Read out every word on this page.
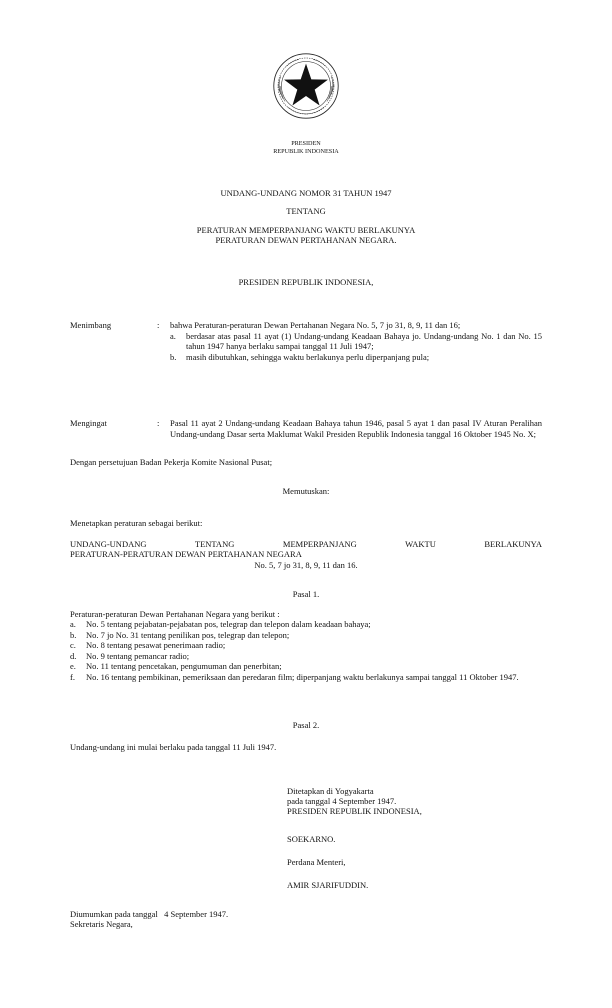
PRESIDEN
REPUBLIK INDONESIA
UNDANG-UNDANG NOMOR 31 TAHUN 1947
TENTANG
PERATURAN MEMPERPANJANG WAKTU BERLAKUNYA
PERATURAN DEWAN PERTAHANAN NEGARA.
PRESIDEN REPUBLIK INDONESIA,
Menimbang	: bahwa Peraturan-peraturan Dewan Pertahanan Negara No. 5, 7 jo 31, 8, 9, 11 dan 16;
a.	berdasar atas pasal 11 ayat (1) Undang-undang Keadaan Bahaya jo. Undang-undang No. 1 dan No. 15 tahun 1947 hanya berlaku sampai tanggal 11 Juli 1947;
b.	masih dibutuhkan, sehingga waktu berlakunya perlu diperpanjang pula;
Mengingat	: Pasal 11 ayat 2 Undang-undang Keadaan Bahaya tahun 1946, pasal 5 ayat 1 dan pasal IV Aturan Peralihan Undang-undang Dasar serta Maklumat Wakil Presiden Republik Indonesia tanggal 16 Oktober 1945 No. X;
Dengan persetujuan Badan Pekerja Komite Nasional Pusat;
Memutuskan:
Menetapkan peraturan sebagai berikut:
UNDANG-UNDANG TENTANG MEMPERPANJANG WAKTU BERLAKUNYA
PERATURAN-PERATURAN DEWAN PERTAHANAN NEGARA
No. 5, 7 jo 31, 8, 9, 11 dan 16.
Pasal 1.
Peraturan-peraturan Dewan Pertahanan Negara yang berikut :
a.	No. 5 tentang pejabatan-pejabatan pos, telegrap dan telepon dalam keadaan bahaya;
b.	No. 7 jo No. 31 tentang penilikan pos, telegrap dan telepon;
c.	No. 8 tentang pesawat penerimaan radio;
d.	No. 9 tentang pemancar radio;
e.	No. 11 tentang pencetakan, pengumuman dan penerbitan;
f.	No. 16 tentang pembikinan, pemeriksaan dan peredaran film; diperpanjang waktu berlakunya sampai tanggal 11 Oktober 1947.
Pasal 2.
Undang-undang ini mulai berlaku pada tanggal 11 Juli 1947.
Ditetapkan di Yogyakarta
pada tanggal 4 September 1947.
PRESIDEN REPUBLIK INDONESIA,
SOEKARNO.
Perdana Menteri,
AMIR SJARIFUDDIN.
Diumumkan pada tanggal   4 September 1947.
Sekretaris Negara,
